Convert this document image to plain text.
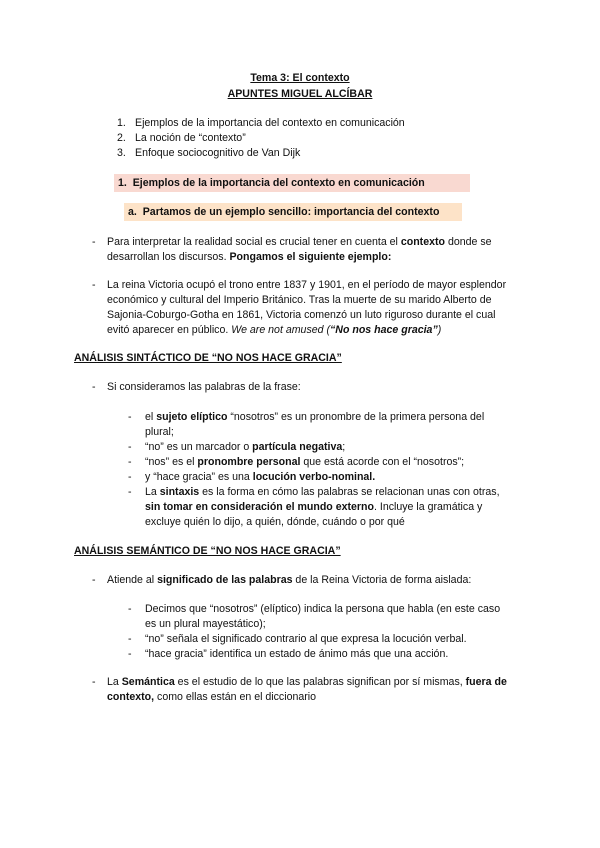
Tema 3: El contexto
APUNTES MIGUEL ALCÍBAR
1. Ejemplos de la importancia del contexto en comunicación
2. La noción de “contexto”
3. Enfoque sociocognitivo de Van Dijk
1. Ejemplos de la importancia del contexto en comunicación
a. Partamos de un ejemplo sencillo: importancia del contexto
-	Para interpretar la realidad social es crucial tener en cuenta el contexto donde se
desarrollan los discursos. Pongamos el siguiente ejemplo:
-	La reina Victoria ocupó el trono entre 1837 y 1901, en el período de mayor esplendor
económico y cultural del Imperio Británico. Tras la muerte de su marido Alberto de
Sajonia-Coburgo-Gotha en 1861, Victoria comenzó un luto riguroso durante el cual
evitó aparecer en público. We are not amused (“No nos hace gracia”)
ANÁLISIS SINTÁCTICO DE “NO NOS HACE GRACIA”
-	Si consideramos las palabras de la frase:
-	el sujeto elíptico “nosotros” es un pronombre de la primera persona del
plural;
-	“no” es un marcador o partícula negativa;
-	“nos” es el pronombre personal que está acorde con el “nosotros”;
-	y “hace gracia” es una locución verbo-nominal.
-	La sintaxis es la forma en cómo las palabras se relacionan unas con otras,
sin tomar en consideración el mundo externo. Incluye la gramática y
excluye quién lo dijo, a quién, dónde, cuándo o por qué
ANÁLISIS SEMÁNTICO DE “NO NOS HACE GRACIA”
-	Atiende al significado de las palabras de la Reina Victoria de forma aislada:
-	Decimos que “nosotros” (elíptico) indica la persona que habla (en este caso
es un plural mayestático);
-	“no” señala el significado contrario al que expresa la locución verbal.
-	“hace gracia” identifica un estado de ánimo más que una acción.
-	La Semántica es el estudio de lo que las palabras significan por sí mismas, fuera de
contexto, como ellas están en el diccionario
